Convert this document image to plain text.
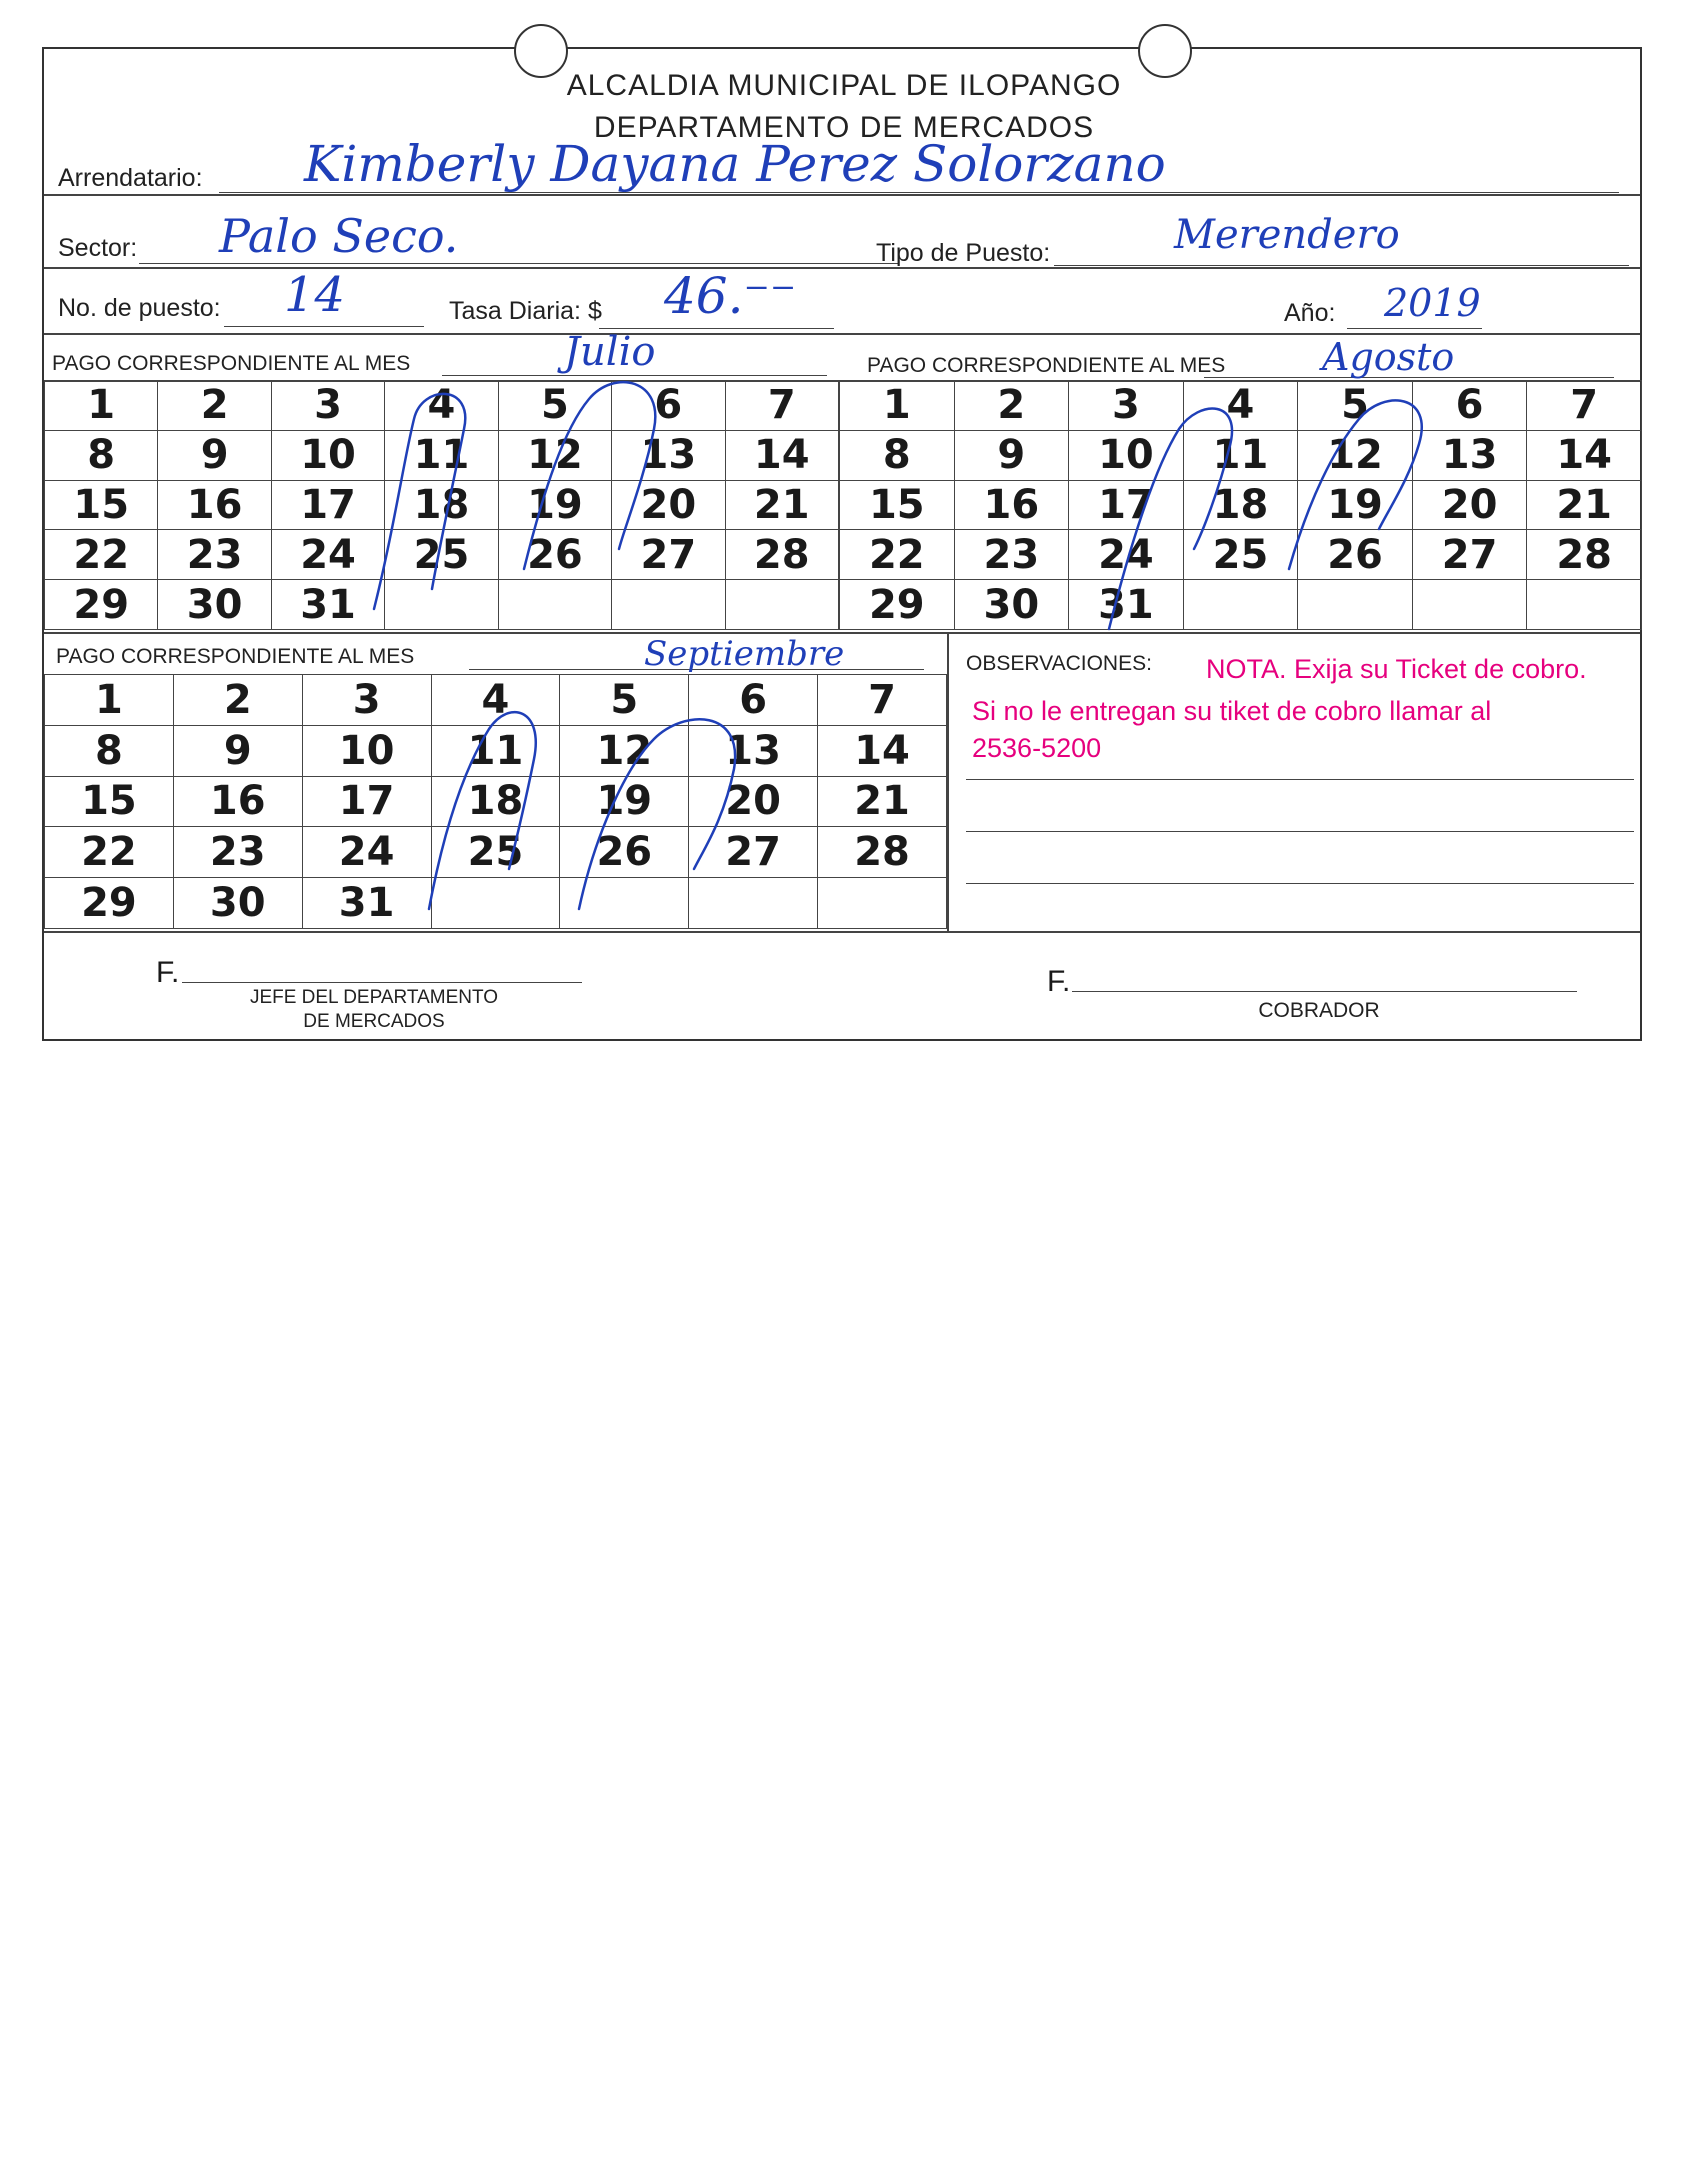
ALCALDIA MUNICIPAL DE ILOPANGO
DEPARTAMENTO DE MERCADOS
Arrendatario: Kimberly Dayana Perez Solorzano
Sector: Palo Seco.	Tipo de Puesto:	Merendero
No. de puesto: 14	Tasa Diaria: $ 46.⁻⁻	Año: 2019
PAGO CORRESPONDIENTE AL MES	Julio	PAGO CORRESPONDIENTE AL MES	Agosto
1	2	3	4	5	6	7
8	9	10	11	12	13	14
15	16	17	18	19	20	21
22	23	24	25	26	27	28
29	30	31				
1	2	3	4	5	6	7
8	9	10	11	12	13	14
15	16	17	18	19	20	21
22	23	24	25	26	27	28
29	30	31				
PAGO CORRESPONDIENTE AL MES	Septiembre
1	2	3	4	5	6	7
8	9	10	11	12	13	14
15	16	17	18	19	20	21
22	23	24	25	26	27	28
29	30	31				
OBSERVACIONES: NOTA. Exija su Ticket de cobro.
Si no le entregan su tiket de cobro llamar al
2536-5200
F.
JEFE DEL DEPARTAMENTO
DE MERCADOS
F.
COBRADOR
